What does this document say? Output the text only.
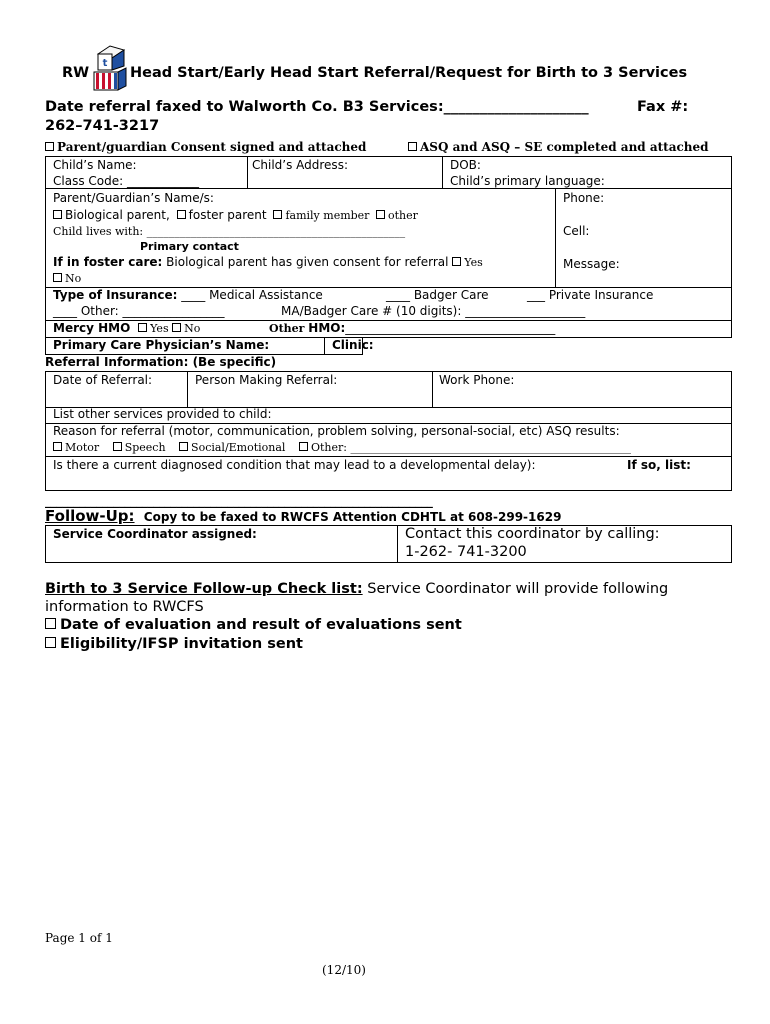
RW
t
Head Start/Early Head Start Referral/Request for Birth to 3 Services
Date referral faxed to Walworth Co. B3 Services:____________________	Fax #:
262–741-3217
Parent/guardian Consent signed and attached	ASQ and ASQ – SE completed and attached
Child’s Name:	Child’s Address:	DOB:
Class Code: ____________	Child’s primary language:
Parent/Guardian’s Name/s:
Biological parent, foster parent family member other
Child lives with: _______________________________________________
Primary contact
If in foster care: Biological parent has given consent for referral Yes
No
Phone:
Cell:
Message:
Type of Insurance: ____ Medical Assistance	____ Badger Care	___ Private Insurance
____ Other: _________________	MA/Badger Care # (10 digits): ____________________
Mercy HMO Yes No	Other HMO:___________________________________
Primary Care Physician’s Name:	Clinic:
Referral Information: (Be specific)
Date of Referral:	Person Making Referral:	Work Phone:
List other services provided to child:
Reason for referral (motor, communication, problem solving, personal-social, etc) ASQ results:
Motor Speech Social/Emotional Other: ___________________________________________________
Is there a current diagnosed condition that may lead to a developmental delay):	If so, list:
____________________________________________________________________
Follow-Up: Copy to be faxed to RWCFS Attention CDHTL at 608-299-1629
Service Coordinator assigned:	Contact this coordinator by calling:
1-262- 741-3200
Birth to 3 Service Follow-up Check list: Service Coordinator will provide following
information to RWCFS
Date of evaluation and result of evaluations sent
Eligibility/IFSP invitation sent
Page 1 of 1
(12/10)
